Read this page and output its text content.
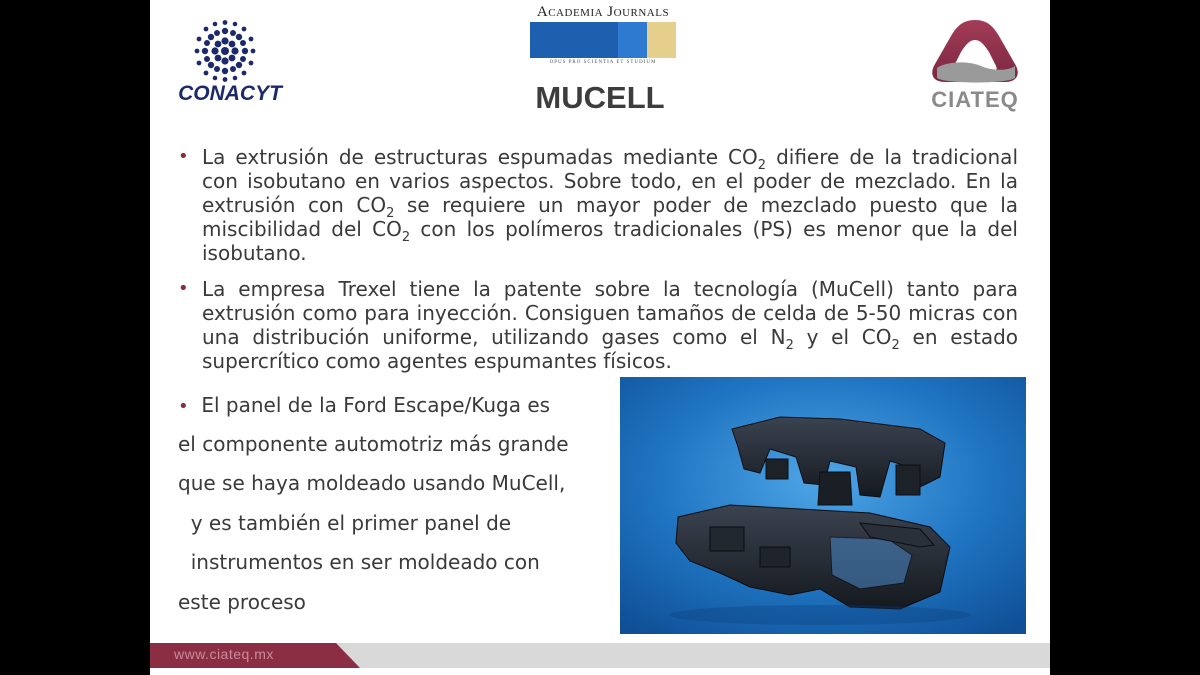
CONACYT
Academia Journals
OPUS PRO SCIENTIA ET STUDIUM
CIATEQ
MUCELL
• La extrusión de estructuras espumadas mediante $CO_2$ difiere de la tradicional con isobutano en varios aspectos. Sobre todo, en el poder de mezclado. En la extrusión con $CO_2$ se requiere un mayor poder de mezclado puesto que la miscibilidad del $CO_2$ con los polímeros tradicionales (PS) es menor que la del isobutano.
• La empresa Trexel tiene la patente sobre la tecnología (MuCell) tanto para extrusión como para inyección. Consiguen tamaños de celda de 5-50 micras con una distribución uniforme, utilizando gases como el $N_2$ y el $CO_2$ en estado supercrítico como agentes espumantes físicos.
• El panel de la Ford Escape/Kuga es
el componente automotriz más grande
que se haya moldeado usando MuCell,
y es también el primer panel de
instrumentos en ser moldeado con
este proceso
www.ciateq.mx
